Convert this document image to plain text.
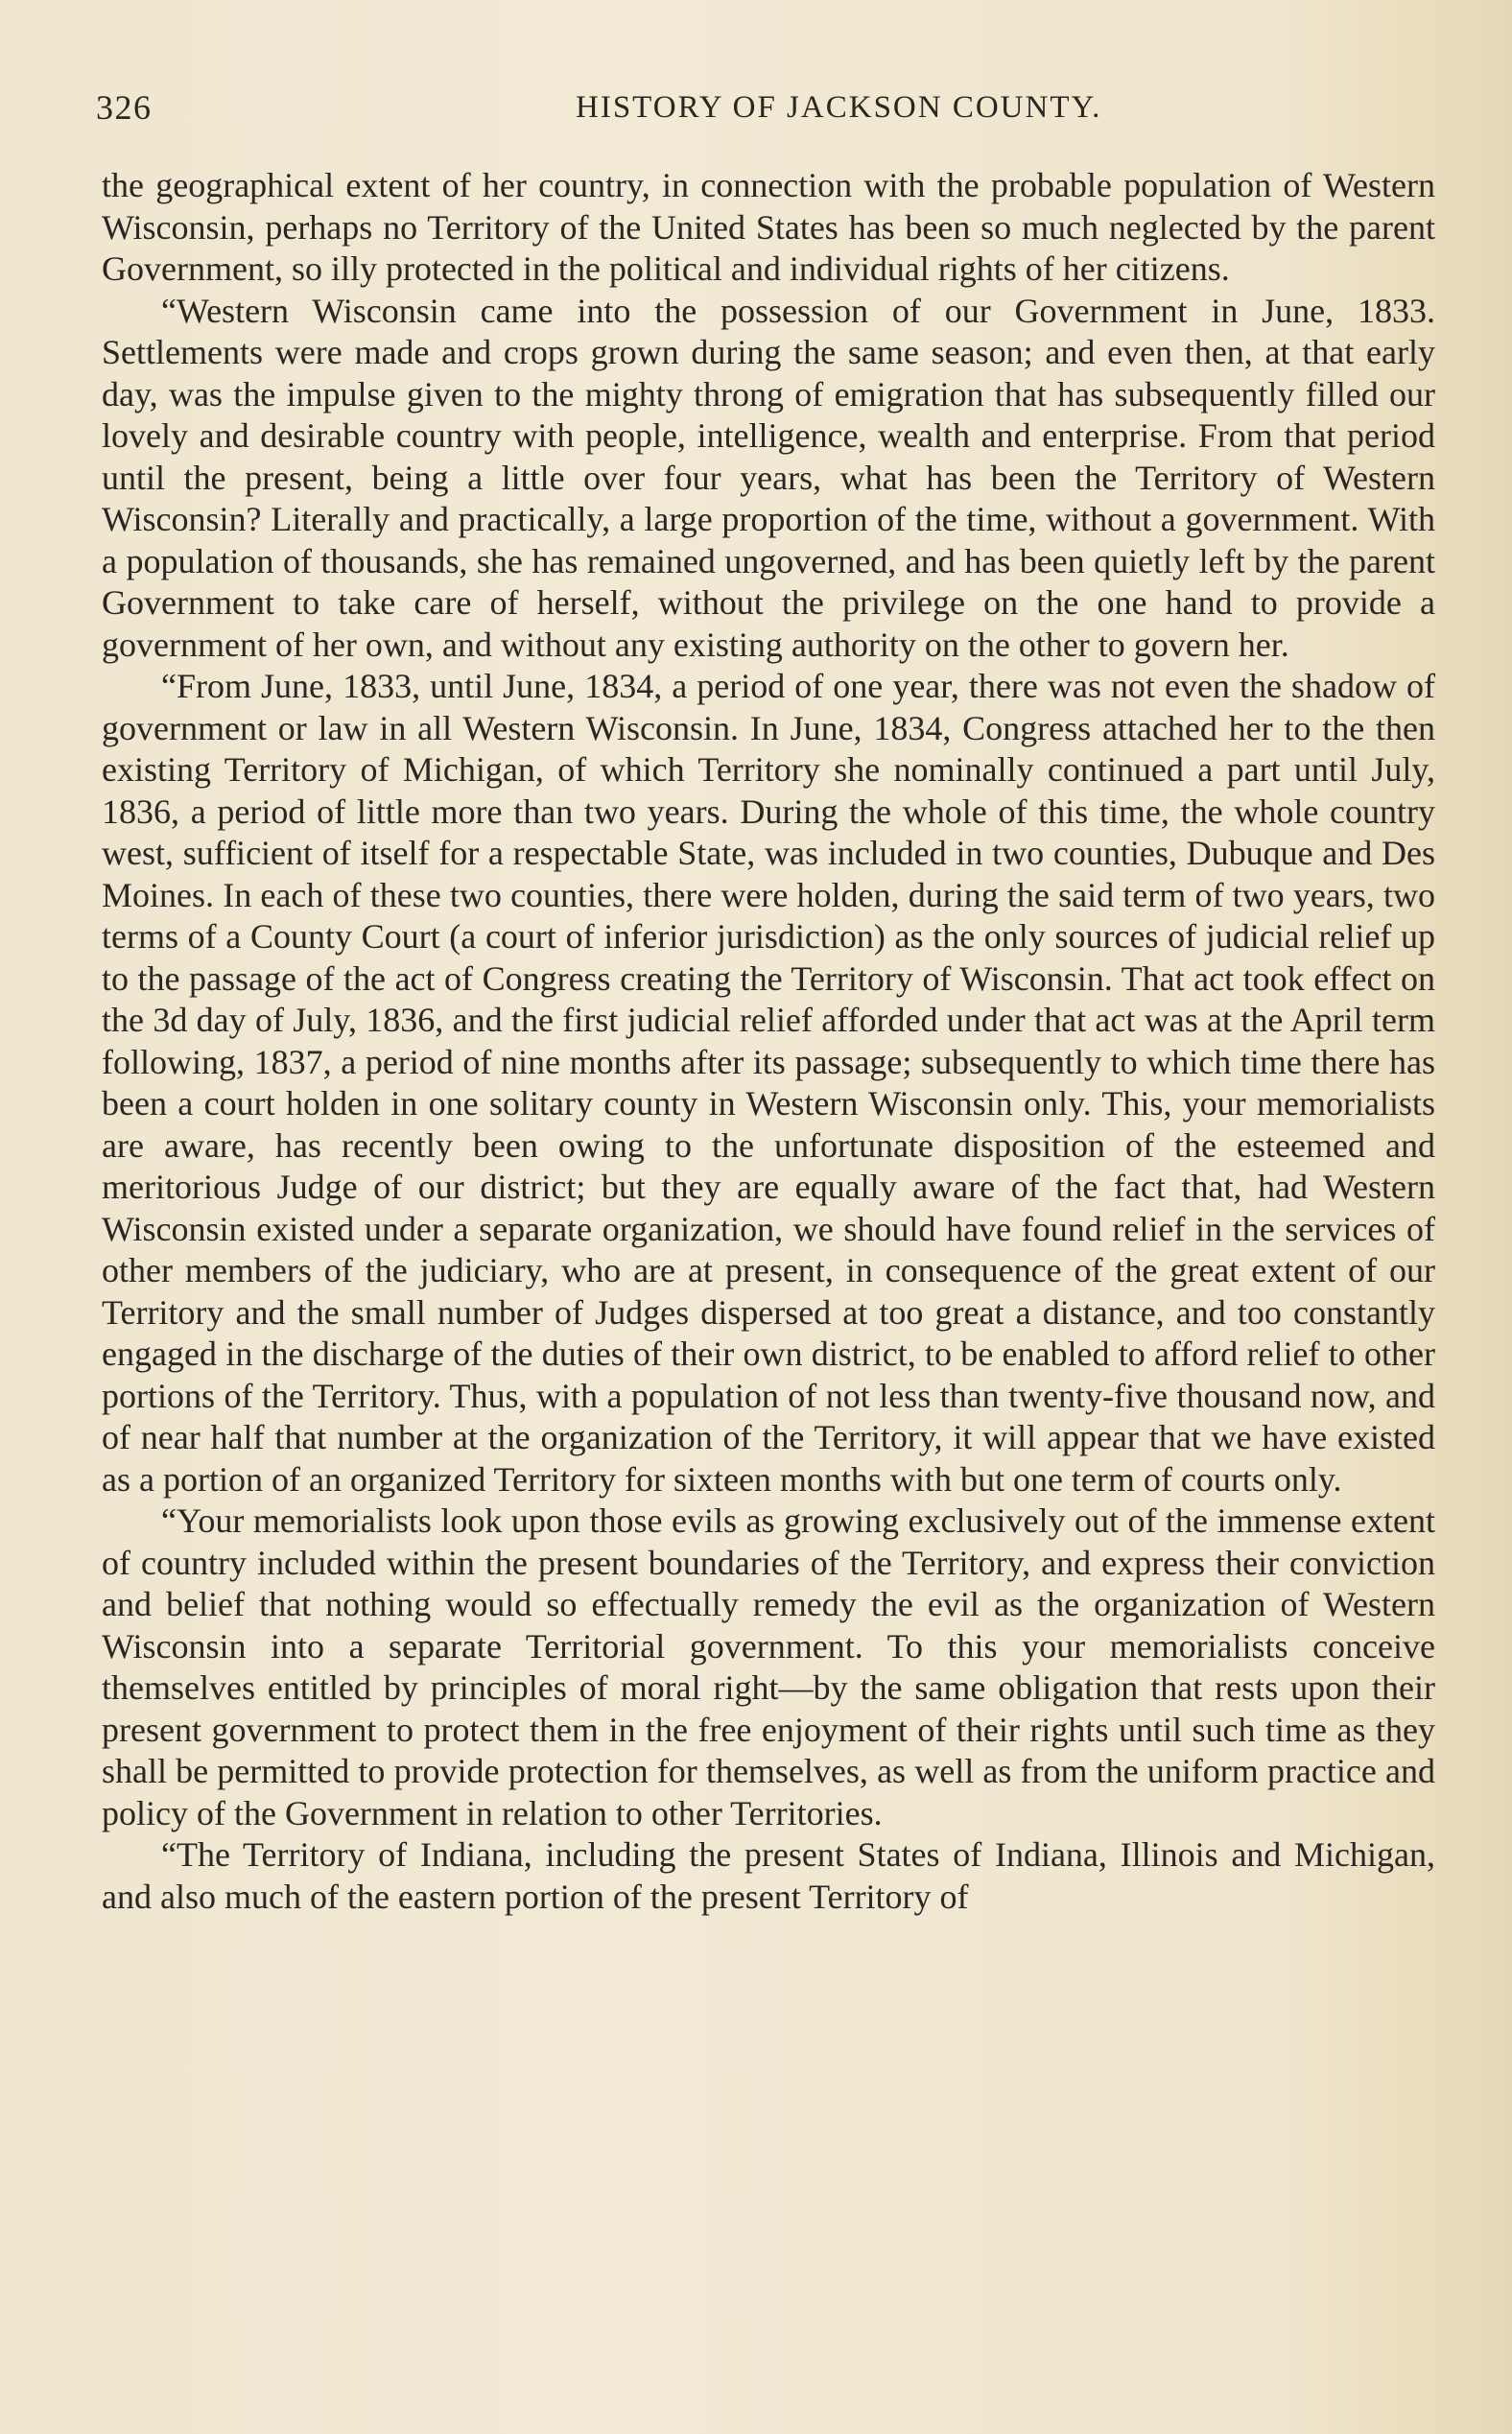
326	HISTORY OF JACKSON COUNTY.

the geographical extent of her country, in connection with the probable population of Western Wisconsin, perhaps no Territory of the United States has been so much neglected by the parent Government, so illy protected in the political and individual rights of her citizens.

“Western Wisconsin came into the possession of our Government in June, 1833. Settlements were made and crops grown during the same season; and even then, at that early day, was the impulse given to the mighty throng of emigration that has subsequently filled our lovely and desirable country with people, intelligence, wealth and enterprise. From that period until the present, being a little over four years, what has been the Territory of Western Wisconsin? Literally and practically, a large proportion of the time, without a government. With a population of thousands, she has remained ungoverned, and has been quietly left by the parent Government to take care of herself, without the privilege on the one hand to provide a government of her own, and without any existing authority on the other to govern her.

“From June, 1833, until June, 1834, a period of one year, there was not even the shadow of government or law in all Western Wisconsin. In June, 1834, Congress attached her to the then existing Territory of Michigan, of which Territory she nominally continued a part until July, 1836, a period of little more than two years. During the whole of this time, the whole country west, sufficient of itself for a respectable State, was included in two counties, Dubuque and Des Moines. In each of these two counties, there were holden, during the said term of two years, two terms of a County Court (a court of inferior jurisdiction) as the only sources of judicial relief up to the passage of the act of Congress creating the Territory of Wisconsin. That act took effect on the 3d day of July, 1836, and the first judicial relief afforded under that act was at the April term following, 1837, a period of nine months after its passage; subsequently to which time there has been a court holden in one solitary county in Western Wisconsin only. This, your memorialists are aware, has recently been owing to the unfortunate disposition of the esteemed and meritorious Judge of our district; but they are equally aware of the fact that, had Western Wisconsin existed under a separate organization, we should have found relief in the services of other members of the judiciary, who are at present, in consequence of the great extent of our Territory and the small number of Judges dispersed at too great a distance, and too constantly engaged in the discharge of the duties of their own district, to be enabled to afford relief to other portions of the Territory. Thus, with a population of not less than twenty-five thousand now, and of near half that number at the organization of the Territory, it will appear that we have existed as a portion of an organized Territory for sixteen months with but one term of courts only.

“Your memorialists look upon those evils as growing exclusively out of the immense extent of country included within the present boundaries of the Territory, and express their conviction and belief that nothing would so effectually remedy the evil as the organization of Western Wisconsin into a separate Territorial government. To this your memorialists conceive themselves entitled by principles of moral right—by the same obligation that rests upon their present government to protect them in the free enjoyment of their rights until such time as they shall be permitted to provide protection for themselves, as well as from the uniform practice and policy of the Government in relation to other Territories.

“The Territory of Indiana, including the present States of Indiana, Illinois and Michigan, and also much of the eastern portion of the present Territory of
